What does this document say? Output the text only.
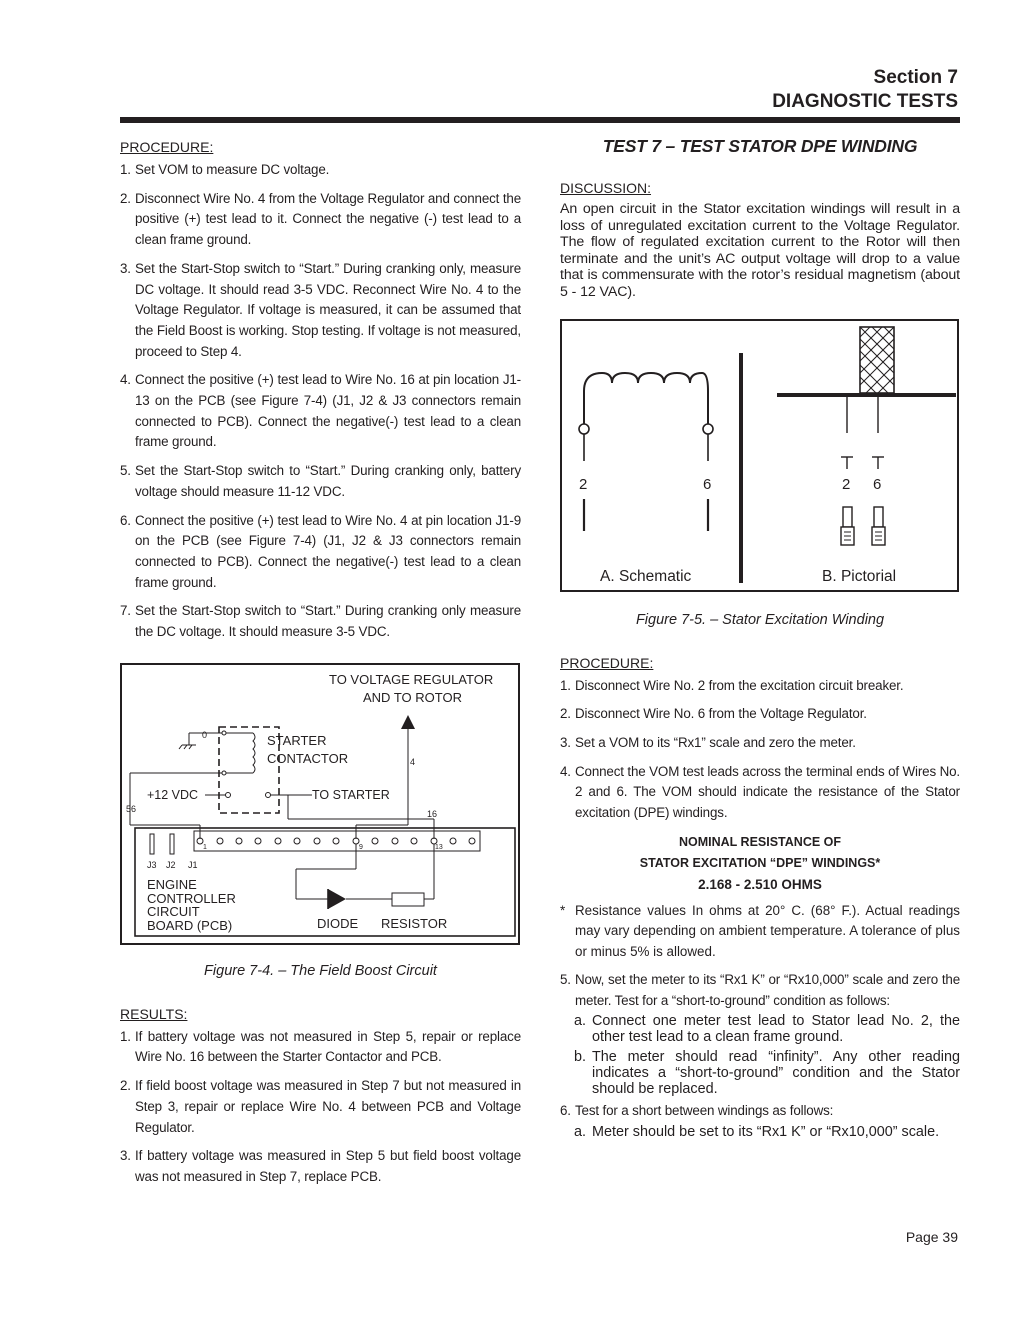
Section 7
DIAGNOSTIC TESTS
PROCEDURE:
1. Set VOM to measure DC voltage.
2. Disconnect Wire No. 4 from the Voltage Regulator and connect the positive (+) test lead to it. Connect the negative (-) test lead to a clean frame ground.
3. Set the Start-Stop switch to “Start.” During cranking only, measure DC voltage. It should read 3-5 VDC. Reconnect Wire No. 4 to the Voltage Regulator. If voltage is measured, it can be assumed that the Field Boost is working. Stop testing. If voltage is not measured, proceed to Step 4.
4. Connect the positive (+) test lead to Wire No. 16 at pin location J1-13 on the PCB (see Figure 7-4) (J1, J2 & J3 connectors remain connected to PCB). Connect the negative(-) test lead to a clean frame ground.
5. Set the Start-Stop switch to “Start.” During cranking only, battery voltage should measure 11-12 VDC.
6. Connect the positive (+) test lead to Wire No. 4 at pin location J1-9 on the PCB (see Figure 7-4) (J1, J2 & J3 connectors remain connected to PCB). Connect the negative(-) test lead to a clean frame ground.
7. Set the Start-Stop switch to “Start.” During cranking only measure the DC voltage. It should measure 3-5 VDC.
TO VOLTAGE REGULATOR
AND TO ROTOR
4
0	STARTER
CONTACTOR
+12 VDC	TO STARTER
56	16
1	9	13
J3 J2 J1
ENGINE
CONTROLLER
CIRCUIT
BOARD (PCB)	DIODE RESISTOR
Figure 7-4. – The Field Boost Circuit
RESULTS:
1. If battery voltage was not measured in Step 5, repair or replace Wire No. 16 between the Starter Contactor and PCB.
2. If field boost voltage was measured in Step 7 but not measured in Step 3, repair or replace Wire No. 4 between PCB and Voltage Regulator.
3. If battery voltage was measured in Step 5 but field boost voltage was not measured in Step 7, replace PCB.
TEST 7 – TEST STATOR DPE WINDING
DISCUSSION:

An open circuit in the Stator excitation windings will result in a loss of unregulated excitation current to the Voltage Regulator. The flow of regulated excitation current to the Rotor will then terminate and the unit’s AC output voltage will drop to a value that is commensurate with the rotor’s residual magnetism (about 5 - 12 VAC).

2	6	2 6
A. Schematic	B. Pictorial
Figure 7-5. – Stator Excitation Winding
PROCEDURE:
1. Disconnect Wire No. 2 from the excitation circuit breaker.
2. Disconnect Wire No. 6 from the Voltage Regulator.
3. Set a VOM to its “Rx1” scale and zero the meter.
4. Connect the VOM test leads across the terminal ends of Wires No. 2 and 6. The VOM should indicate the resistance of the Stator excitation (DPE) windings.
NOMINAL RESISTANCE OF
STATOR EXCITATION “DPE” WINDINGS*
2.168 - 2.510 OHMS
* Resistance values In ohms at 20° C. (68° F.). Actual readings may vary depending on ambient temperature. A tolerance of plus or minus 5% is allowed.
5. Now, set the meter to its “Rx1 K” or “Rx10,000” scale and zero the meter. Test for a “short-to-ground” condition as follows:
a. Connect one meter test lead to Stator lead No. 2, the other test lead to a clean frame ground.
b. The meter should read “infinity”. Any other reading indicates a “short-to-ground” condition and the Stator should be replaced.
6. Test for a short between windings as follows:
a. Meter should be set to its “Rx1 K” or “Rx10,000” scale.
Page 39
